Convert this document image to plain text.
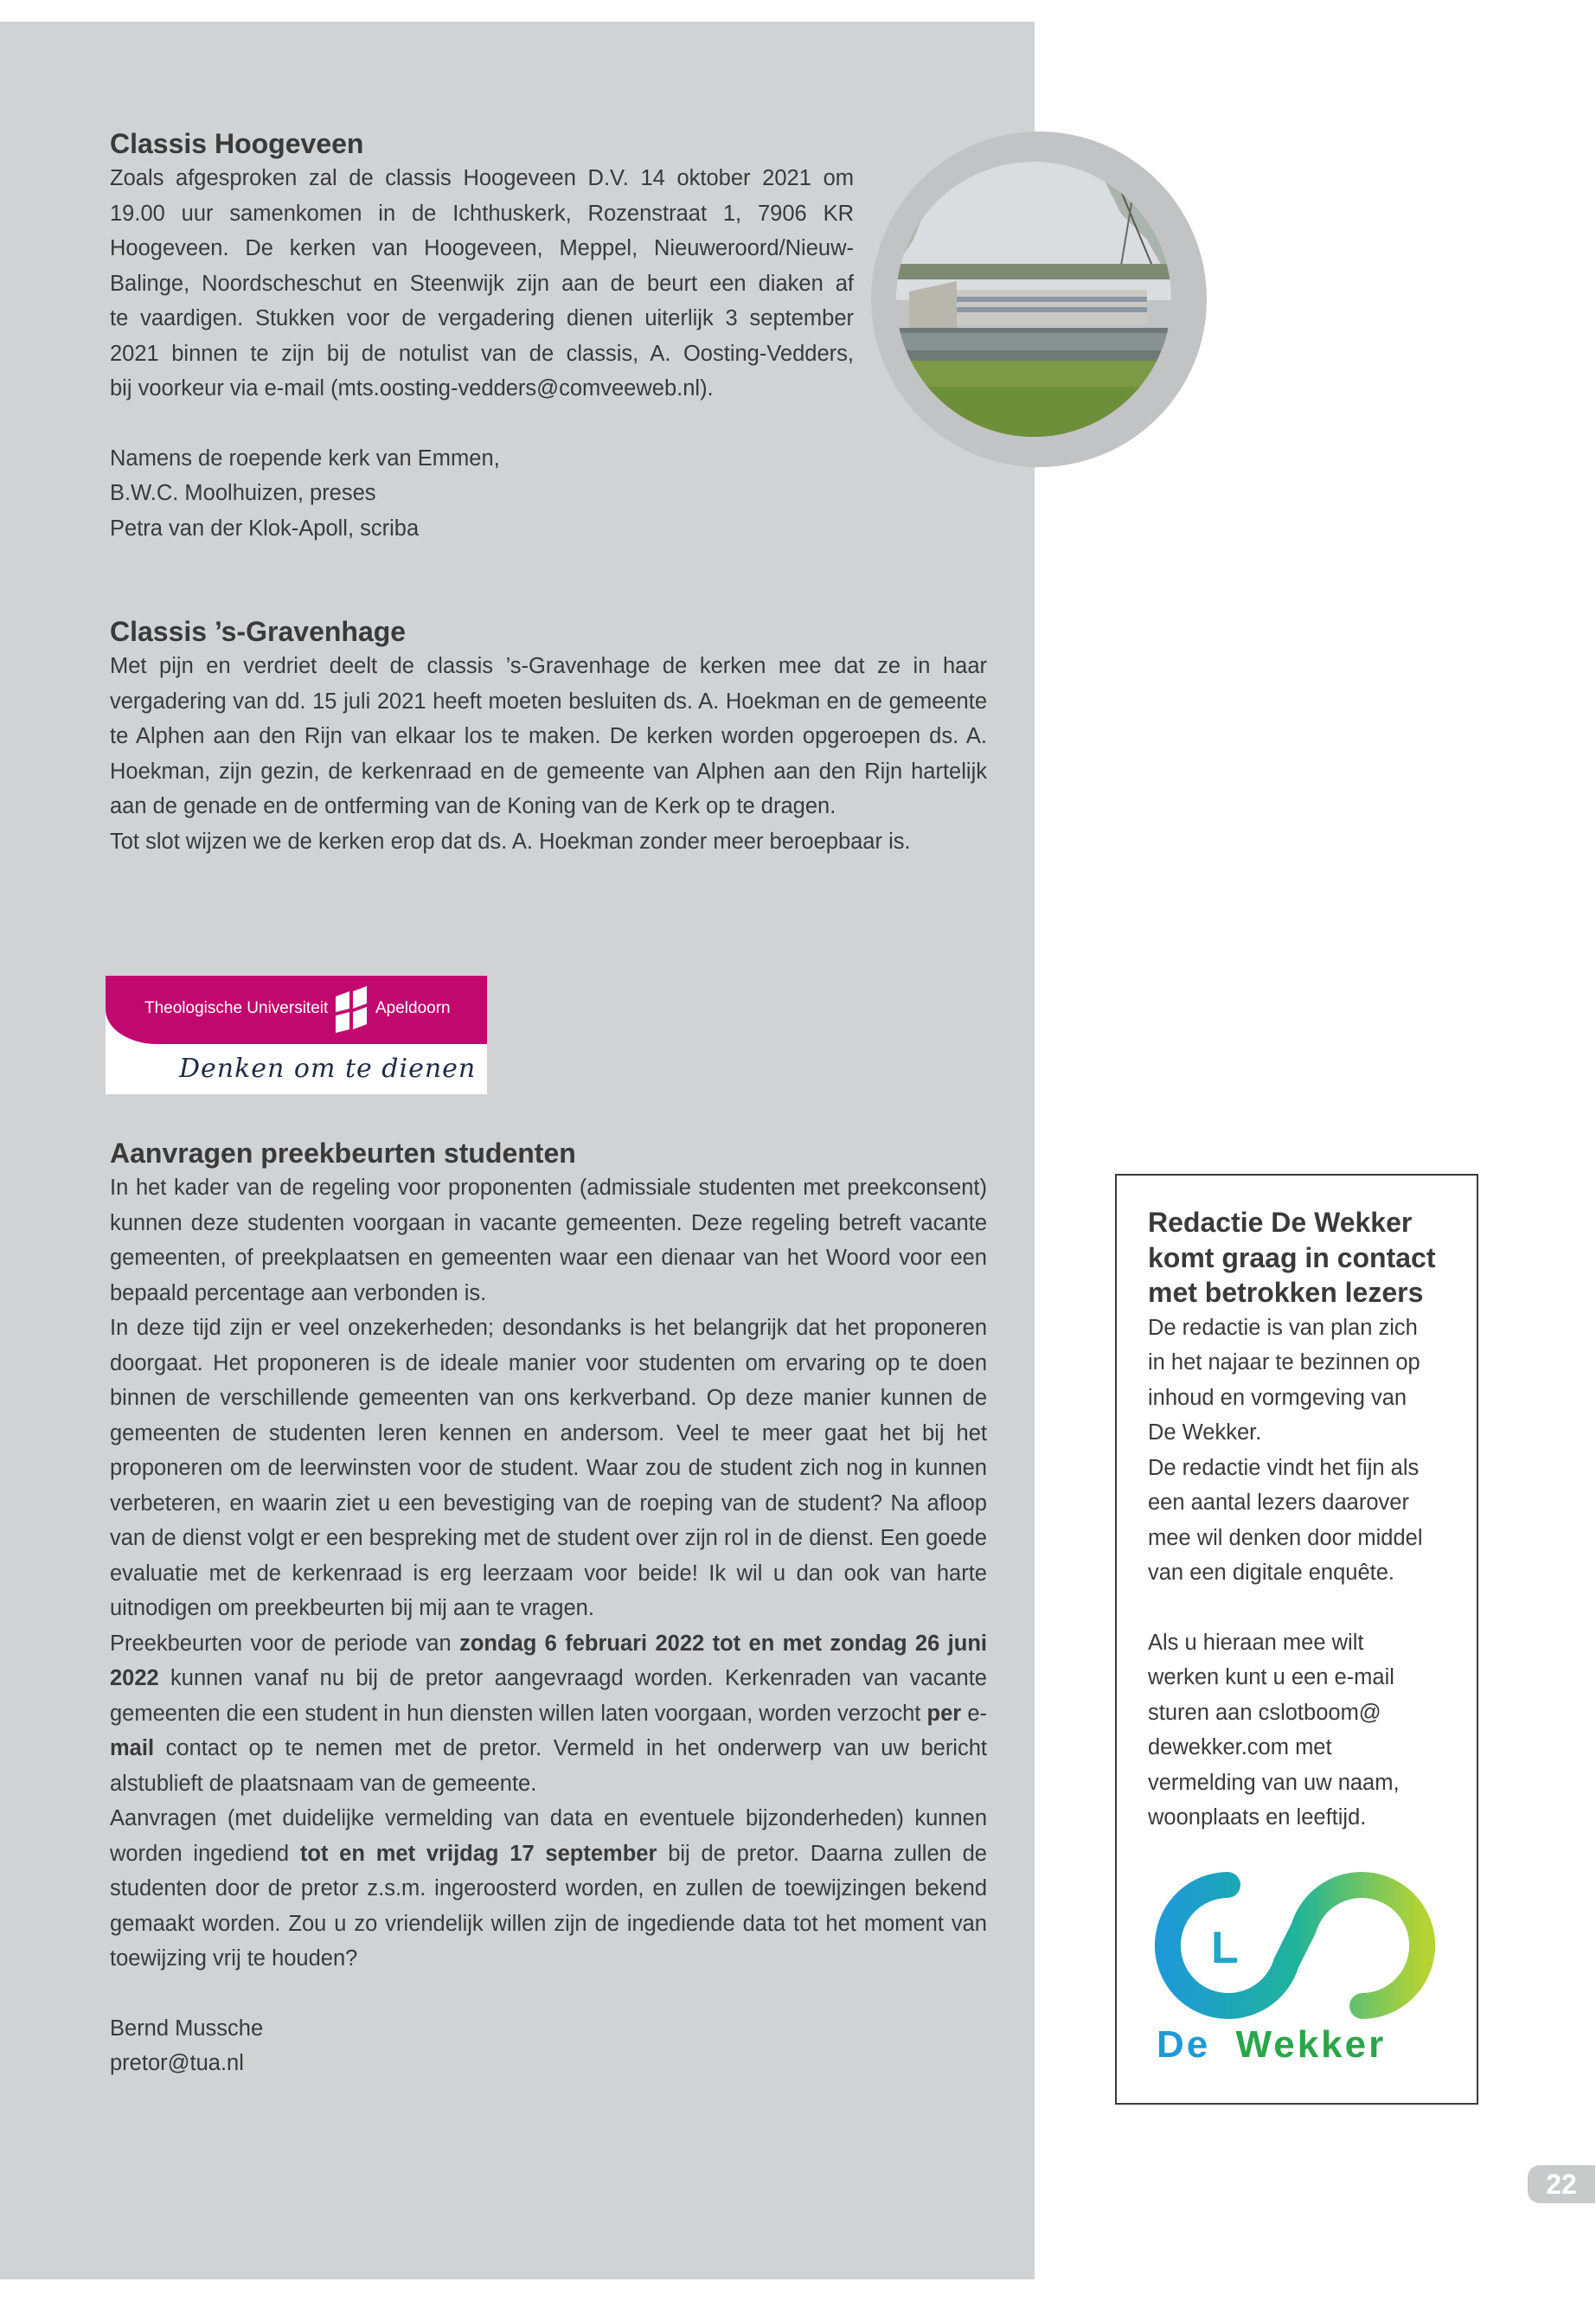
Classis Hoogeveen
Zoals afgesproken zal de classis Hoogeveen D.V. 14 oktober 2021 om
19.00 uur samenkomen in de Ichthuskerk, Rozenstraat 1, 7906 KR
Hoogeveen. De kerken van Hoogeveen, Meppel, Nieuweroord/Nieuw-
Balinge, Noordscheschut en Steenwijk zijn aan de beurt een diaken af
te vaardigen. Stukken voor de vergadering dienen uiterlijk 3 september
2021 binnen te zijn bij de notulist van de classis, A. Oosting-Vedders,
bij voorkeur via e-mail (mts.oosting-vedders@comveeweb.nl).
Namens de roepende kerk van Emmen,
B.W.C. Moolhuizen, preses
Petra van der Klok-Apoll, scriba
Classis ’s-Gravenhage

Met pijn en verdriet deelt de classis ’s-Gravenhage de kerken mee dat ze in haar vergadering van dd. 15 juli 2021 heeft moeten besluiten ds. A. Hoekman en de gemeente te Alphen aan den Rijn van elkaar los te maken. De kerken worden opgeroepen ds. A. Hoekman, zijn gezin, de kerkenraad en de gemeente van Alphen aan den Rijn hartelijk aan de genade en de ontferming van de Koning van de Kerk op te dragen.

Tot slot wijzen we de kerken erop dat ds. A. Hoekman zonder meer beroepbaar is.

Theologische Universiteit	Apeldoorn
Denken om te dienen
Aanvragen preekbeurten studenten

In het kader van de regeling voor proponenten (admissiale studenten met preekconsent) kunnen deze studenten voorgaan in vacante gemeenten. Deze regeling betreft vacante gemeenten, of preekplaatsen en gemeenten waar een dienaar van het Woord voor een bepaald percentage aan verbonden is.

In deze tijd zijn er veel onzekerheden; desondanks is het belangrijk dat het proponeren doorgaat. Het proponeren is de ideale manier voor studenten om ervaring op te doen binnen de verschillende gemeenten van ons kerkverband. Op deze manier kunnen de gemeenten de studenten leren kennen en andersom. Veel te meer gaat het bij het proponeren om de leerwinsten voor de student. Waar zou de student zich nog in kunnen verbeteren, en waarin ziet u een bevestiging van de roeping van de student? Na afloop van de dienst volgt er een bespreking met de student over zijn rol in de dienst. Een goede evaluatie met de kerkenraad is erg leerzaam voor beide! Ik wil u dan ook van harte uitnodigen om preekbeurten bij mij aan te vragen.

Preekbeurten voor de periode van zondag 6 februari 2022 tot en met zondag 26 juni 2022 kunnen vanaf nu bij de pretor aangevraagd worden. Kerkenraden van vacante gemeenten die een student in hun diensten willen laten voorgaan, worden verzocht per e-mail contact op te nemen met de pretor. Vermeld in het onderwerp van uw bericht alstublieft de plaatsnaam van de gemeente.

Aanvragen (met duidelijke vermelding van data en eventuele bijzonderheden) kunnen worden ingediend tot en met vrijdag 17 september bij de pretor. Daarna zullen de studenten door de pretor z.s.m. ingeroosterd worden, en zullen de toewijzingen bekend gemaakt worden. Zou u zo vriendelijk willen zijn de ingediende data tot het moment van toewijzing vrij te houden?

Bernd Mussche
pretor@tua.nl
Redactie De Wekker
komt graag in contact
met betrokken lezers

De redactie is van plan zich
in het najaar te bezinnen op
inhoud en vormgeving van
De Wekker.
De redactie vindt het fijn als
een aantal lezers daarover
mee wil denken door middel
van een digitale enquête.

Als u hieraan mee wilt
werken kunt u een e-mail
sturen aan cslotboom@
dewekker.com met
vermelding van uw naam,
woonplaats en leeftijd.

L
De Wekker
22
